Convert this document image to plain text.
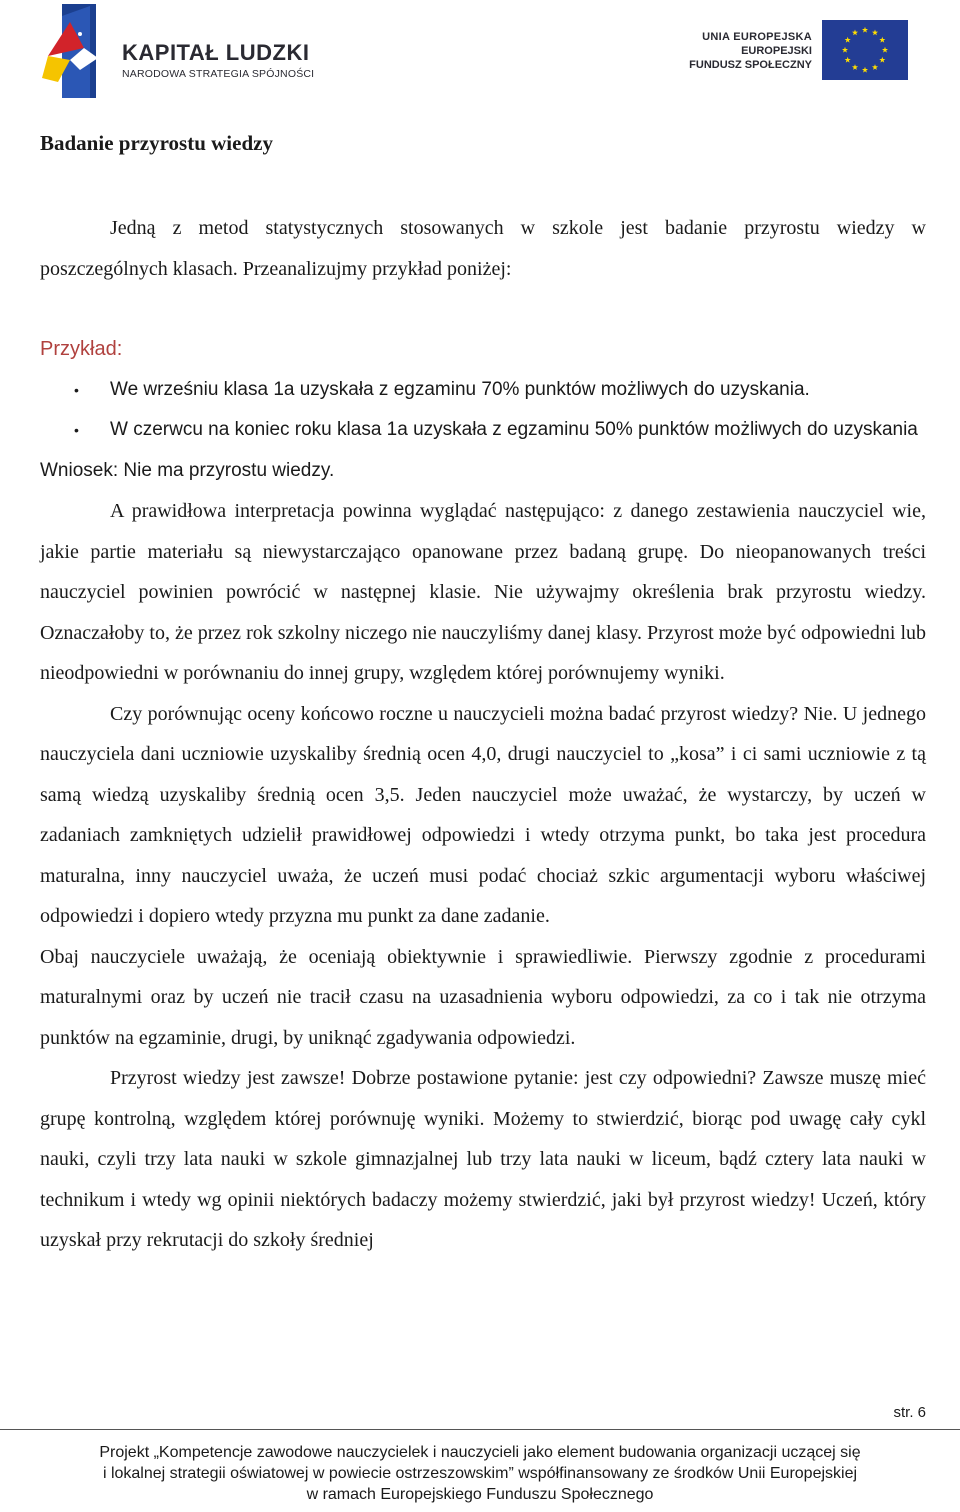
KAPITAŁ LUDZKI
NARODOWA STRATEGIA SPÓJNOŚCI
UNIA EUROPEJSKA
EUROPEJSKI
FUNDUSZ SPOŁECZNY
Badanie przyrostu wiedzy

Jedną z metod statystycznych stosowanych w szkole jest badanie przyrostu wiedzy w poszczególnych klasach. Przeanalizujmy przykład poniżej:

Przykład:
• We wrześniu klasa 1a uzyskała z egzaminu 70% punktów możliwych do uzyskania.
• W czerwcu na koniec roku klasa 1a uzyskała z egzaminu 50% punktów możliwych do uzyskania
Wniosek: Nie ma przyrostu wiedzy.

A prawidłowa interpretacja powinna wyglądać następująco: z danego zestawienia nauczyciel wie, jakie partie materiału są niewystarczająco opanowane przez badaną grupę. Do nieopanowanych treści nauczyciel powinien powrócić w następnej klasie. Nie używajmy określenia brak przyrostu wiedzy. Oznaczałoby to, że przez rok szkolny niczego nie nauczyliśmy danej klasy. Przyrost może być odpowiedni lub nieodpowiedni w porównaniu do innej grupy, względem której porównujemy wyniki.

Czy porównując oceny końcowo roczne u nauczycieli można badać przyrost wiedzy? Nie. U jednego nauczyciela dani uczniowie uzyskaliby średnią ocen 4,0, drugi nauczyciel to „kosa” i ci sami uczniowie z tą samą wiedzą uzyskaliby średnią ocen 3,5. Jeden nauczyciel może uważać, że wystarczy, by uczeń w zadaniach zamkniętych udzielił prawidłowej odpowiedzi i wtedy otrzyma punkt, bo taka jest procedura maturalna, inny nauczyciel uważa, że uczeń musi podać chociaż szkic argumentacji wyboru właściwej odpowiedzi i dopiero wtedy przyzna mu punkt za dane zadanie.

Obaj nauczyciele uważają, że oceniają obiektywnie i sprawiedliwie. Pierwszy zgodnie z procedurami maturalnymi oraz by uczeń nie tracił czasu na uzasadnienia wyboru odpowiedzi, za co i tak nie otrzyma punktów na egzaminie, drugi, by uniknąć zgadywania odpowiedzi.

Przyrost wiedzy jest zawsze! Dobrze postawione pytanie: jest czy odpowiedni? Zawsze muszę mieć grupę kontrolną, względem której porównuję wyniki. Możemy to stwierdzić, biorąc pod uwagę cały cykl nauki, czyli trzy lata nauki w szkole gimnazjalnej lub trzy lata nauki w liceum, bądź cztery lata nauki w technikum i wtedy wg opinii niektórych badaczy możemy stwierdzić, jaki był przyrost wiedzy! Uczeń, który uzyskał przy rekrutacji do szkoły średniej

str. 6
Projekt „Kompetencje zawodowe nauczycielek i nauczycieli jako element budowania organizacji uczącej się
i lokalnej strategii oświatowej w powiecie ostrzeszowskim” współfinansowany ze środków Unii Europejskiej
w ramach Europejskiego Funduszu Społecznego
